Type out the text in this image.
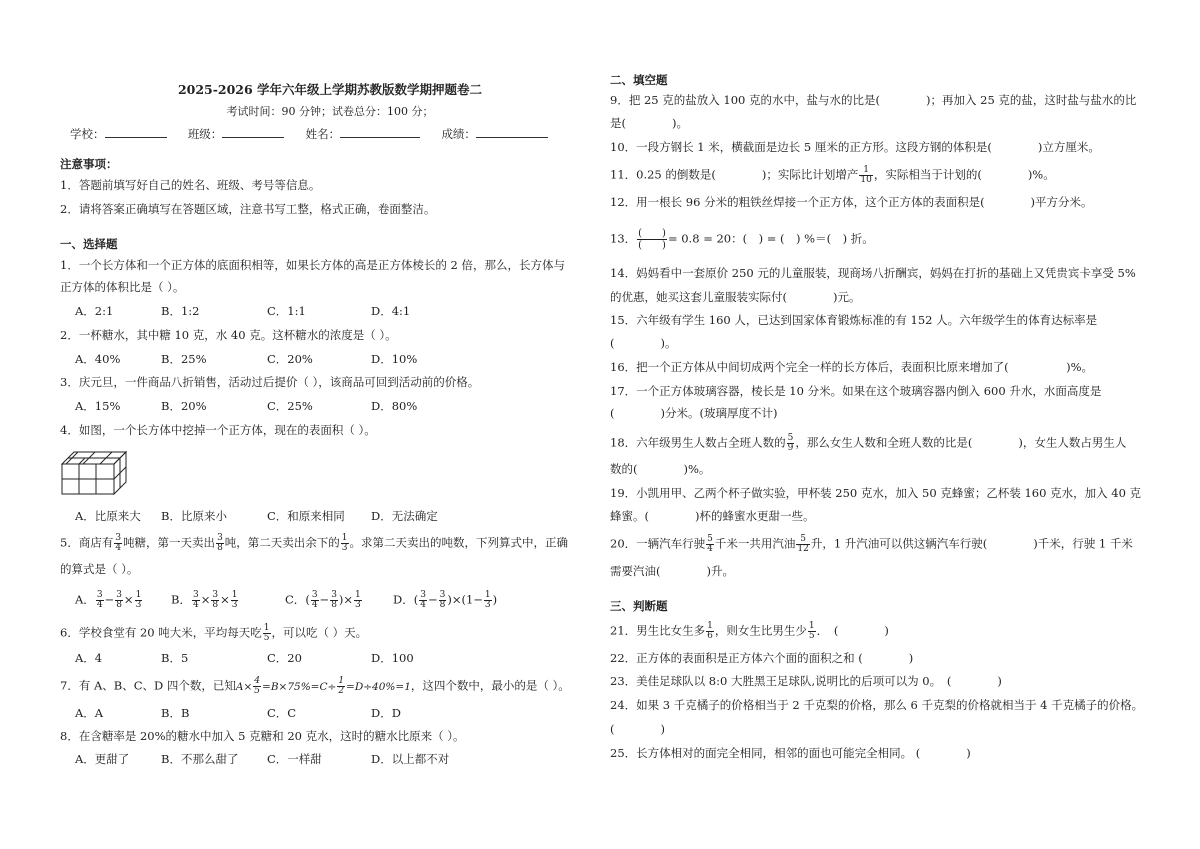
2025-2026 学年六年级上学期苏教版数学期押题卷二
考试时间：90 分钟；试卷总分：100 分；
学校：	班级：	姓名：	成绩：
注意事项：
1．答题前填写好自己的姓名、班级、考号等信息。
2．请将答案正确填写在答题区域，注意书写工整，格式正确，卷面整洁。
一、选择题
1．一个长方体和一个正方体的底面积相等，如果长方体的高是正方体棱长的 2 倍，那么，长方体与
正方体的体积比是（ ）。
A．2:1	B．1:2	C．1:1	D．4:1
2．一杯糖水，其中糖 10 克，水 40 克。这杯糖水的浓度是（ ）。
A．40%	B．25%	C．20%	D．10%
3．庆元旦，一件商品八折销售，活动过后提价（ ），该商品可回到活动前的价格。
A．15%	B．20%	C．25%	D．80%
4．如图，一个长方体中挖掉一个正方体，现在的表面积（ ）。
A．比原来大 B．比原来小	C．和原来相同 D．无法确定
5．商店有 $\frac{3}{4}$ 吨糖，第一天卖出 $\frac{3}{8}$ 吨，第二天卖出余下的 $\frac{1}{3}$ 。求第二天卖出的吨数，下列算式中，正确
的算式是（ ）。
A． $\frac{3}{4} - \frac{3}{8} \times \frac{1}{3}$ B． $\frac{3}{4} \times \frac{3}{8} \times \frac{1}{3}$	C．( $\frac{3}{4} - \frac{3}{8}$ )× $\frac{1}{3}$	D．( $\frac{3}{4} - \frac{3}{8} )\times(1- \frac{1}{3}$ )
6．学校食堂有 20 吨大米，平均每天吃 $\frac{1}{5}$ ，可以吃（ ）天。
A．4	B．5	C．20	D．100
7．有 A、B、C、D 四个数，已知$A\times \frac{4}{5} =B\times 75\%=C\div \frac{1}{2} =D\div 40\%=1$，这四个数中，最小的是（ ）。
A．A	B．B	C．C	D．D
8．在含糖率是 20%的糖水中加入 5 克糖和 20 克水，这时的糖水比原来（ ）。
A．更甜了	B．不那么甜了 C．一样甜	D．以上都不对
二、填空题
9．把 25 克的盐放入 100 克的水中，盐与水的比是(　　　　)；再加入 25 克的盐，这时盐与盐水的比
是(　　　　)。
10．一段方钢长 1 米，横截面是边长 5 厘米的正方形。这段方钢的体积是(　　　　)立方厘米。
11．0.25 的倒数是(　　　　)；实际比计划增产 $\frac{1}{10}$ ，实际相当于计划的(　　　　)%。
12．用一根长 96 分米的粗铁丝焊接一个正方体，这个正方体的表面积是(　　　　)平方分米。
13． $\frac{( )}{( )} = 0.8 = 20$：(　) = (　) %＝(　) 折。
14．妈妈看中一套原价 250 元的儿童服装，现商场八折酬宾，妈妈在打折的基础上又凭贵宾卡享受 5%
的优惠，她买这套儿童服装实际付(　　　　)元。
15．六年级有学生 160 人，已达到国家体育锻炼标准的有 152 人。六年级学生的体育达标率是
(　　　　)。
16．把一个正方体从中间切成两个完全一样的长方体后，表面积比原来增加了(　　　　　)%。
17．一个正方体玻璃容器，棱长是 10 分米。如果在这个玻璃容器内倒入 600 升水，水面高度是
(　　　　)分米。(玻璃厚度不计)
18．六年级男生人数占全班人数的 $\frac{5}{9}$ ，那么女生人数和全班人数的比是(　　　　)，女生人数占男生人
数的(　　　　)%。
19．小凯用甲、乙两个杯子做实验，甲杯装 250 克水，加入 50 克蜂蜜；乙杯装 160 克水，加入 40 克
蜂蜜。(　　　　)杯的蜂蜜水更甜一些。
20．一辆汽车行驶 $\frac{5}{4}$ 千米一共用汽油 $\frac{5}{12}$ 升，1 升汽油可以供这辆汽车行驶(　　　　)千米，行驶 1 千米
需要汽油(　　　　)升。
三、判断题
21．男生比女生多 $\frac{1}{6}$ ，则女生比男生少 $\frac{1}{5}$ ．　(　　　　)
22．正方体的表面积是正方体六个面的面积之和 (　　　　)
23．美佳足球队以 8:0 大胜黑王足球队,说明比的后项可以为 0。　(　　　　)
24．如果 3 千克橘子的价格相当于 2 千克梨的价格，那么 6 千克梨的价格就相当于 4 千克橘子的价格。
(　　　　)
25．长方体相对的面完全相同，相邻的面也可能完全相同。 (　　　　)
